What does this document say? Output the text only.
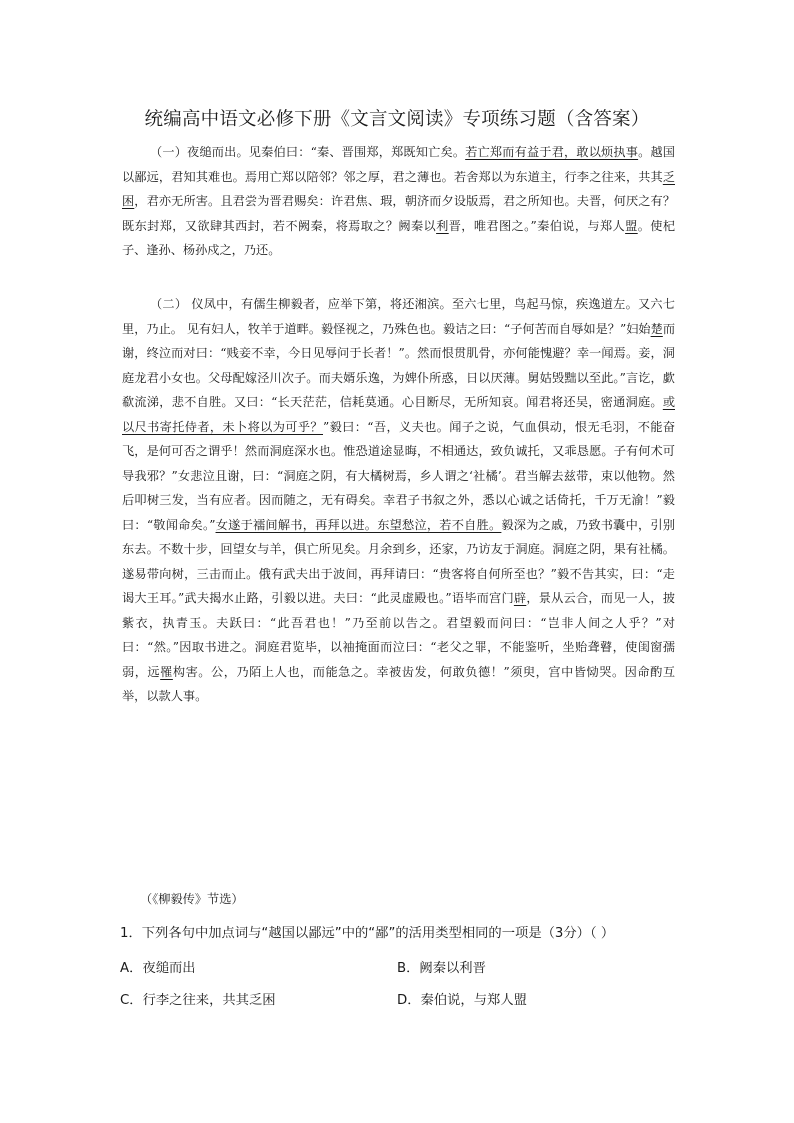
统编高中语文必修下册《文言文阅读》专项练习题（含答案）

（一）夜缒而出。见秦伯曰：“秦、晋围郑，郑既知亡矣。若亡郑而有益于君，敢以烦执事。越国以鄙远，君知其难也。焉用亡郑以陪邻？邻之厚，君之薄也。若舍郑以为东道主，行李之往来，共其乏困，君亦无所害。且君尝为晋君赐矣：许君焦、瑕，朝济而夕设版焉，君之所知也。夫晋，何厌之有？既东封郑，又欲肆其西封，若不阙秦，将焉取之？阙秦以利晋，唯君图之。”秦伯说，与郑人盟。使杞子、逢孙、杨孙戍之，乃还。

（二） 仪凤中，有儒生柳毅者，应举下第，将还湘滨。至六七里，鸟起马惊，疾逸道左。又六七里，乃止。 见有妇人，牧羊于道畔。毅怪视之，乃殊色也。毅诘之曰：“子何苦而自辱如是？”妇始楚而谢，终泣而对曰：“贱妾不幸，今日见辱问于长者！”。然而恨贯肌骨，亦何能愧避？幸一闻焉。妾，洞庭龙君小女也。父母配嫁泾川次子。而夫婿乐逸，为婢仆所惑，日以厌薄。舅姑毁黜以至此。”言讫，歔欷流涕，悲不自胜。又曰：“长天茫茫，信耗莫通。心目断尽，无所知哀。闻君将还吴，密通洞庭。或以尺书寄托侍者，未卜将以为可乎？”毅曰：“吾，义夫也。闻子之说，气血俱动，恨无毛羽，不能奋飞，是何可否之谓乎！然而洞庭深水也。惟恐道途显晦，不相通达，致负诚托，又乖恳愿。子有何术可导我邪？”女悲泣且谢，曰：“洞庭之阴，有大橘树焉，乡人谓之‘社橘’。君当解去兹带，束以他物。然后叩树三发，当有应者。因而随之，无有碍矣。幸君子书叙之外，悉以心诚之话倚托，千万无渝！”毅曰：“敬闻命矣。”女遂于襦间解书，再拜以进。东望愁泣，若不自胜。毅深为之戚，乃致书囊中，引别东去。不数十步，回望女与羊，俱亡所见矣。月余到乡，还家，乃访友于洞庭。洞庭之阴，果有社橘。遂易带向树，三击而止。俄有武夫出于波间，再拜请曰：“贵客将自何所至也？”毅不告其实，曰：“走谒大王耳。”武夫揭水止路，引毅以进。夫曰：“此灵虚殿也。”语毕而宫门辟，景从云合，而见一人，披紫衣，执青玉。夫跃曰：“此吾君也！”乃至前以告之。君望毅而问曰：“岂非人间之人乎？”对曰：“然。”因取书进之。洞庭君览毕，以袖掩面而泣曰：“老父之罪，不能鉴听，坐贻聋瞽，使闺窗孺弱，远罹构害。公，乃陌上人也，而能急之。幸被齿发，何敢负德！”须臾，宫中皆恸哭。因命酌互举，以款人事。

（《柳毅传》节选）
1．下列各句中加点词与“越国以鄙远”中的“鄙”的活用类型相同的一项是（3分）（ ）
A．夜缒而出	B．阙秦以利晋
C．行李之往来，共其乏困	D．秦伯说，与郑人盟
